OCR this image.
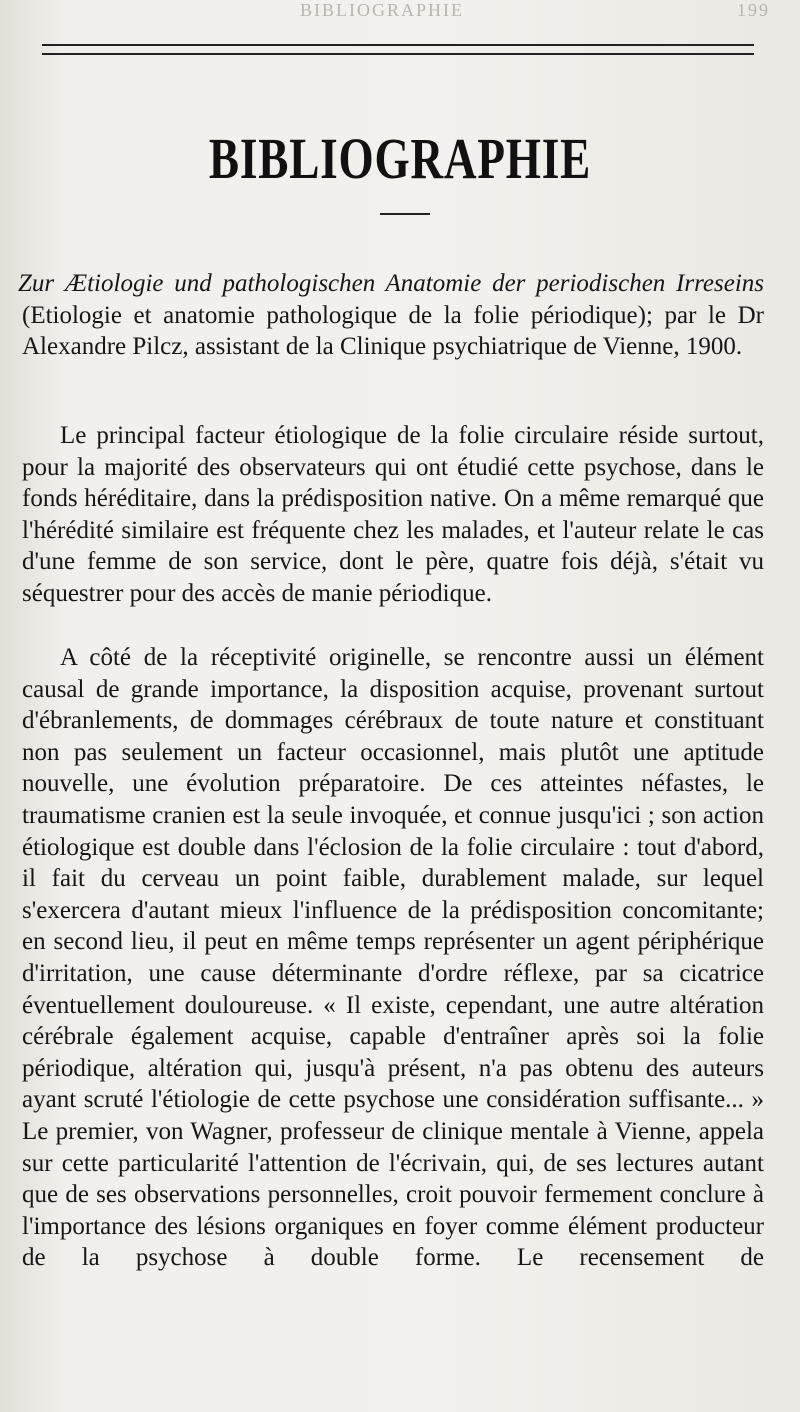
BIBLIOGRAPHIE	199
BIBLIOGRAPHIE
Zur Ætiologie und pathologischen Anatomie der periodischen Irreseins (Etiologie et anatomie pathologique de la folie périodique); par le Dr Alexandre Pilcz, assistant de la Clinique psychiatrique de Vienne, 1900.
Le principal facteur étiologique de la folie circulaire réside surtout, pour la majorité des observateurs qui ont étudié cette psychose, dans le fonds héréditaire, dans la prédisposition native. On a même remarqué que l'hérédité similaire est fréquente chez les malades, et l'auteur relate le cas d'une femme de son service, dont le père, quatre fois déjà, s'était vu séquestrer pour des accès de manie périodique.
A côté de la réceptivité originelle, se rencontre aussi un élément causal de grande importance, la disposition acquise, provenant surtout d'ébranlements, de dommages cérébraux de toute nature et constituant non pas seulement un facteur occasionnel, mais plutôt une aptitude nouvelle, une évolution préparatoire. De ces atteintes néfastes, le traumatisme cranien est la seule invoquée, et connue jusqu'ici ; son action étiologique est double dans l'éclosion de la folie circulaire : tout d'abord, il fait du cerveau un point faible, durablement malade, sur lequel s'exercera d'autant mieux l'influence de la prédisposition concomitante; en second lieu, il peut en même temps représenter un agent périphérique d'irritation, une cause déterminante d'ordre réflexe, par sa cicatrice éventuellement douloureuse. « Il existe, cependant, une autre altération cérébrale également acquise, capable d'entraîner après soi la folie périodique, altération qui, jusqu'à présent, n'a pas obtenu des auteurs ayant scruté l'étiologie de cette psychose une considération suffisante... » Le premier, von Wagner, professeur de clinique mentale à Vienne, appela sur cette particularité l'attention de l'écrivain, qui, de ses lectures autant que de ses observations personnelles, croit pouvoir fermement conclure à l'importance des lésions organiques en foyer comme élément producteur de la psychose à double forme. Le recensement de
